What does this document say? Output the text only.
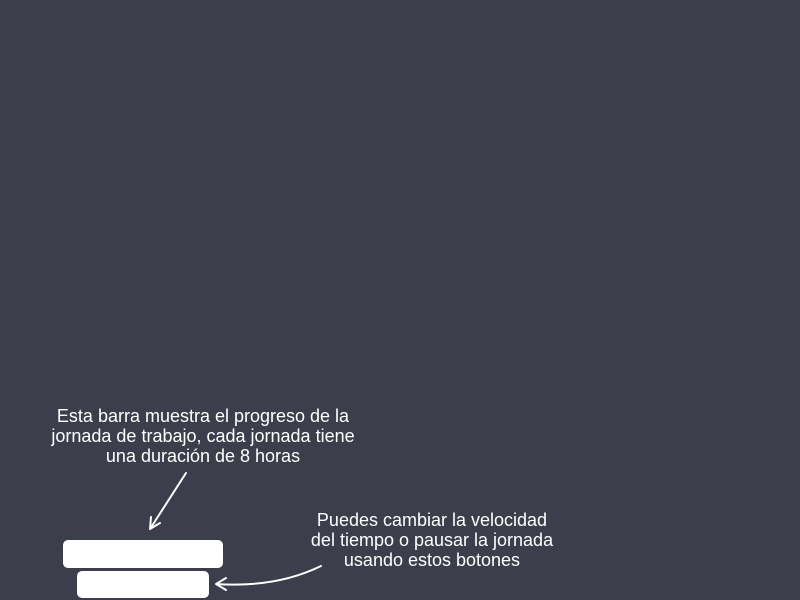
Esta barra muestra el progreso de la
jornada de trabajo, cada jornada tiene
una duración de 8 horas
Puedes cambiar la velocidad
del tiempo o pausar la jornada
usando estos botones
